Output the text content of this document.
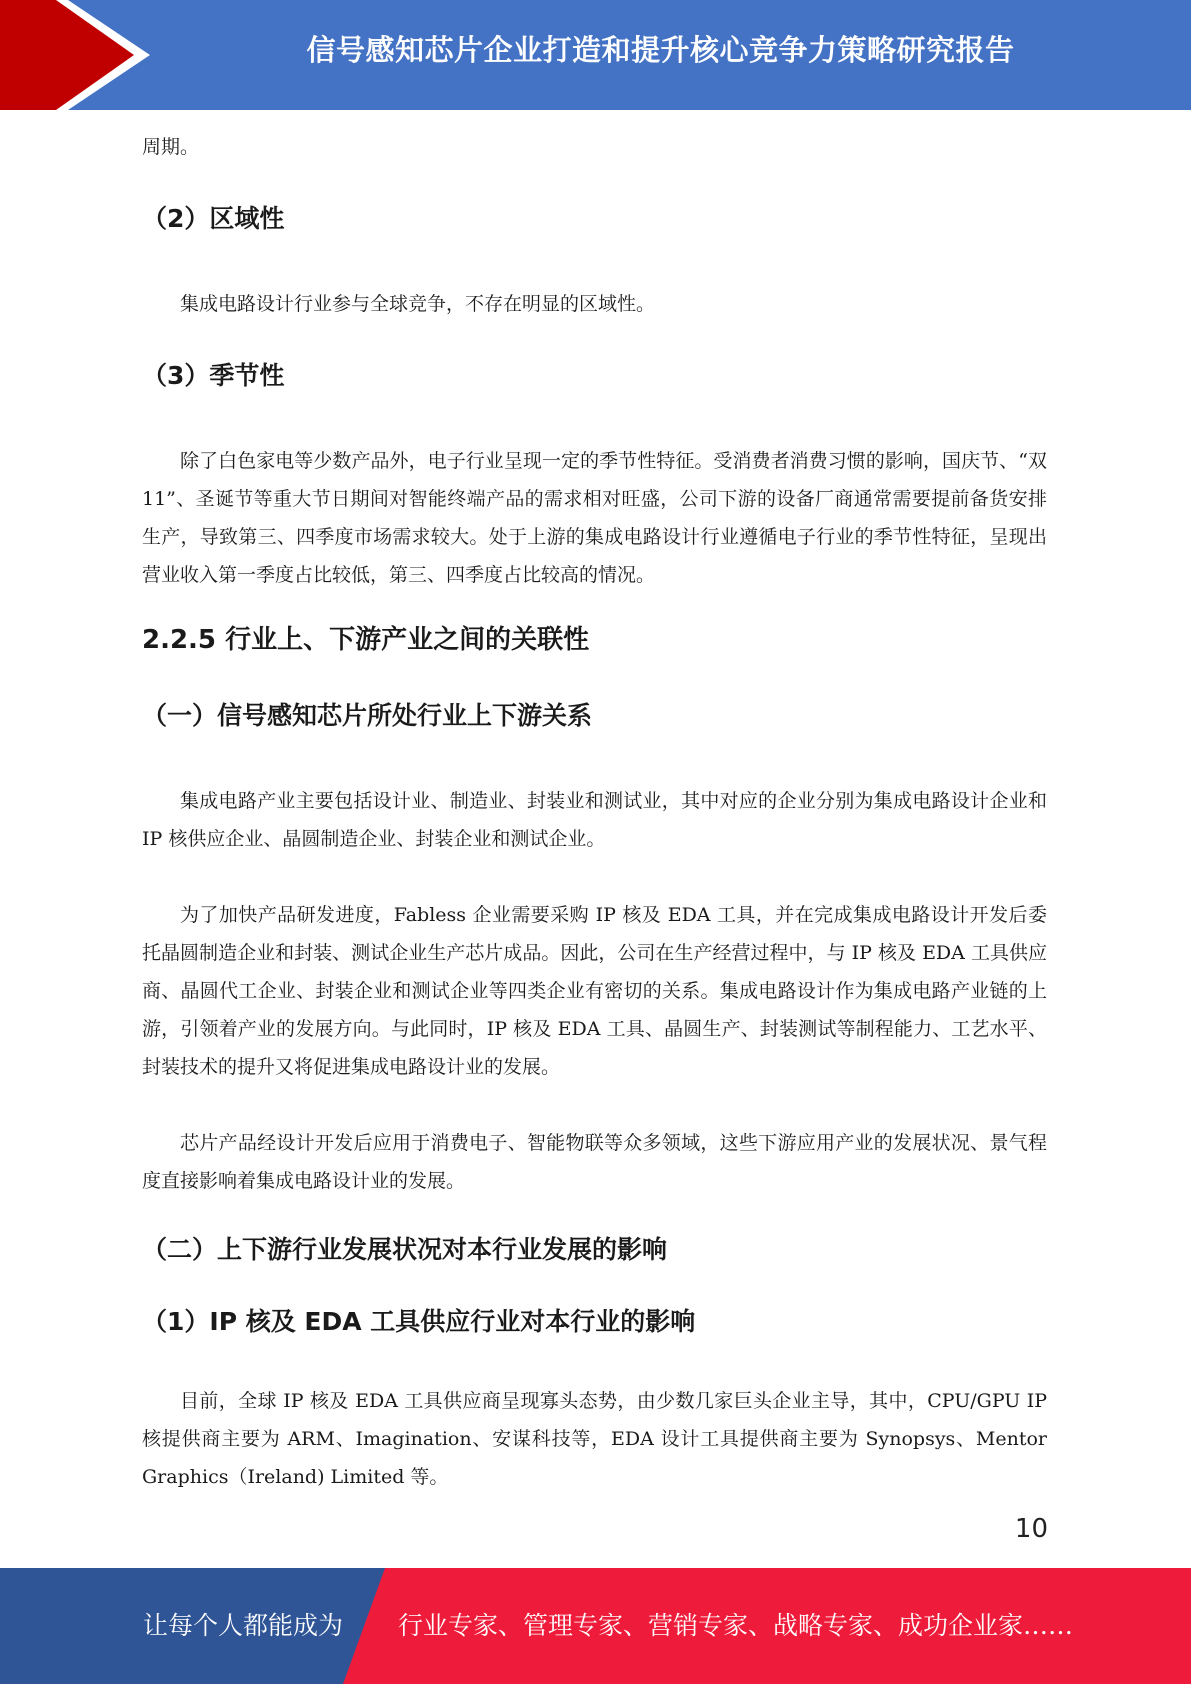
信号感知芯片企业打造和提升核心竞争力策略研究报告

周期。

（2）区域性

集成电路设计行业参与全球竞争，不存在明显的区域性。

（3）季节性

除了白色家电等少数产品外，电子行业呈现一定的季节性特征。受消费者消费习惯的影响，国庆节、“双 11”、圣诞节等重大节日期间对智能终端产品的需求相对旺盛，公司下游的设备厂商通常需要提前备货安排生产，导致第三、四季度市场需求较大。处于上游的集成电路设计行业遵循电子行业的季节性特征，呈现出营业收入第一季度占比较低，第三、四季度占比较高的情况。

2.2.5 行业上、下游产业之间的关联性
（一）信号感知芯片所处行业上下游关系

集成电路产业主要包括设计业、制造业、封装业和测试业，其中对应的企业分别为集成电路设计企业和 IP 核供应企业、晶圆制造企业、封装企业和测试企业。

为了加快产品研发进度，Fabless 企业需要采购 IP 核及 EDA 工具，并在完成集成电路设计开发后委托晶圆制造企业和封装、测试企业生产芯片成品。因此，公司在生产经营过程中，与 IP 核及 EDA 工具供应商、晶圆代工企业、封装企业和测试企业等四类企业有密切的关系。集成电路设计作为集成电路产业链的上游，引领着产业的发展方向。与此同时，IP 核及 EDA 工具、晶圆生产、封装测试等制程能力、工艺水平、封装技术的提升又将促进集成电路设计业的发展。

芯片产品经设计开发后应用于消费电子、智能物联等众多领域，这些下游应用产业的发展状况、景气程度直接影响着集成电路设计业的发展。

（二）上下游行业发展状况对本行业发展的影响
（1）IP 核及 EDA 工具供应行业对本行业的影响

目前，全球 IP 核及 EDA 工具供应商呈现寡头态势，由少数几家巨头企业主导，其中，CPU/GPU IP 核提供商主要为 ARM、Imagination、安谋科技等，EDA 设计工具提供商主要为 Synopsys、Mentor Graphics（Ireland) Limited 等。

10
让每个人都能成为 行业专家、管理专家、营销专家、战略专家、成功企业家……
